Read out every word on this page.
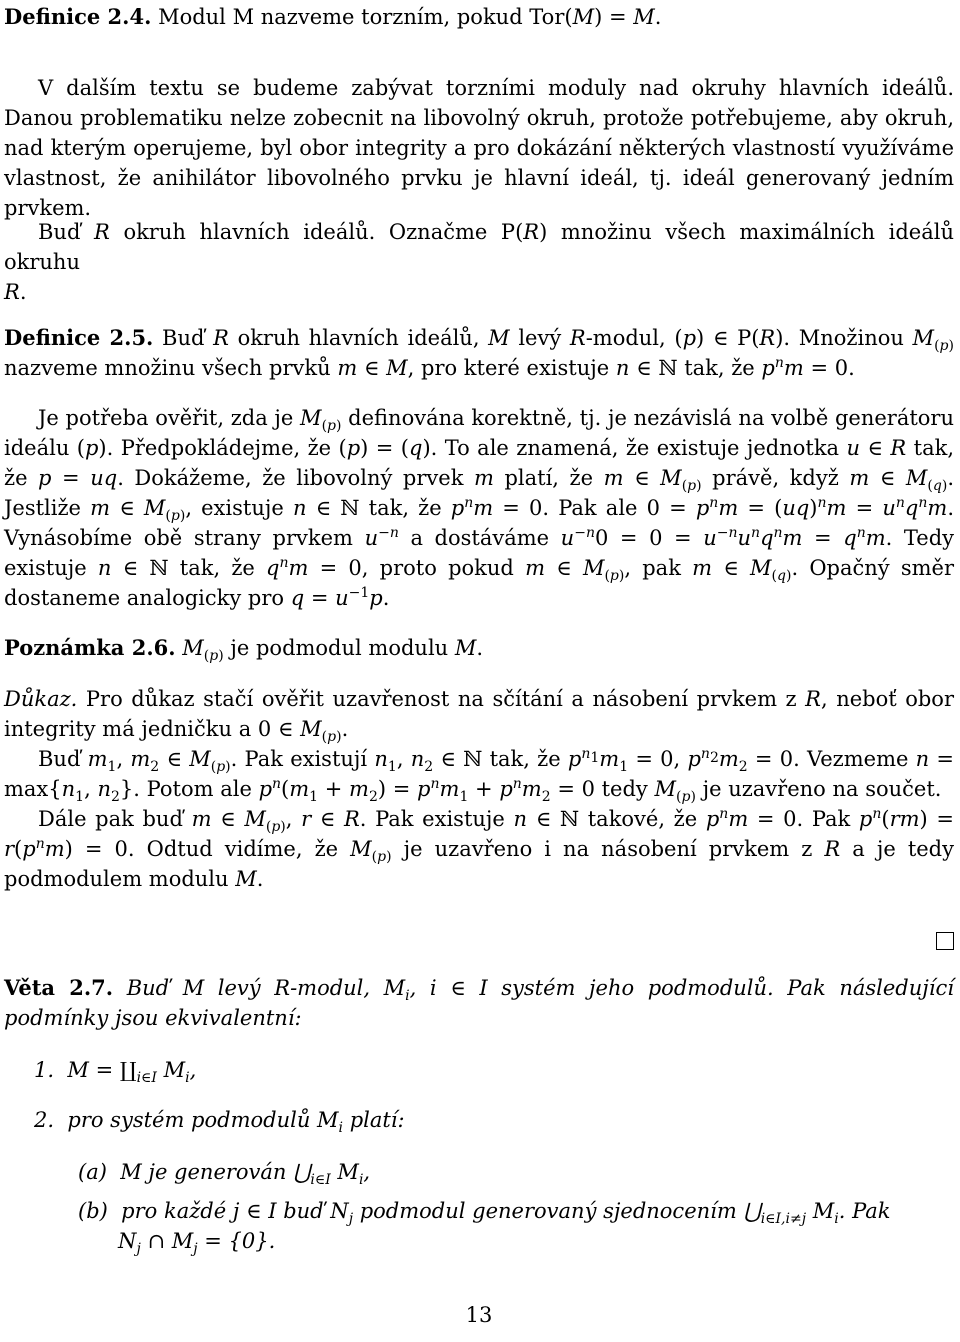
Definice 2.4. Modul M nazveme torzním, pokud Tor(M) = M.

V dalším textu se budeme zabývat torzními moduly nad okruhy hlavních ideálů. Danou problematiku nelze zobecnit na libovolný okruh, protože potřebujeme, aby okruh, nad kterým operujeme, byl obor integrity a pro dokázání některých vlastností využíváme vlastnost, že anihilátor libovolného prvku je hlavní ideál, tj. ideál generovaný jedním prvkem.

Buď R okruh hlavních ideálů. Označme P(R) množinu všech maximálních ideálů okruhu
R.

Definice 2.5. Buď R okruh hlavních ideálů, M levý R-modul, (p) ∈ P(R). Množinou $M_{(p)}$ nazveme množinu všech prvků m ∈ M, pro které existuje n ∈ ℕ tak, že $p^nm = 0$.

Je potřeba ověřit, zda je $M_{(p)}$ definována korektně, tj. je nezávislá na volbě generátoru ideálu (p). Předpokládejme, že (p) = (q). To ale znamená, že existuje jednotka u ∈ R tak, že p = uq. Dokážeme, že libovolný prvek m platí, že m ∈ $M_{(p)}$ právě, když m ∈ $M_{(q)}$. Jestliže m ∈ $M_{(p)}$, existuje n ∈ ℕ tak, že $p^nm = 0$. Pak ale $0 = p^nm = (uq)^nm = u^nq^nm$. Vynásobíme obě strany prvkem $u^{-n}$ a dostáváme $u^{-n}0 = 0 = u^{-n}u^nq^nm = q^nm$. Tedy existuje n ∈ ℕ tak, že $q^nm = 0$, proto pokud m ∈ $M_{(p)}$, pak m ∈ $M_{(q)}$. Opačný směr dostaneme analogicky pro $q = u^{-1}p$.

Poznámka 2.6. $M_{(p)}$ je podmodul modulu M.

Důkaz. Pro důkaz stačí ověřit uzavřenost na sčítání a násobení prvkem z R, neboť obor integrity má jedničku a 0 ∈ $M_{(p)}$.

Buď $m_1$, $m_2$ ∈ $M_{(p)}$. Pak existují $n_1$, $n_2$ ∈ ℕ tak, že $p^{n_1}m_1 = 0$, $p^{n_2}m_2 = 0$. Vezmeme $n = \max\{n_1$, $n_2$}. Potom ale $p^n(m_1 + m_2) = p^nm_1 + p^nm_2 = 0$ tedy $M_{(p)}$ je uzavřeno na součet.

Dále pak buď m ∈ $M_{(p)}$, r ∈ R. Pak existuje n ∈ ℕ takové, že $p^nm = 0$. Pak $p^n(rm) = r(p^nm) = 0$. Odtud vidíme, že $M_{(p)}$ je uzavřeno i na násobení prvkem z R a je tedy podmodulem modulu M.

Věta 2.7. Buď M levý R-modul, $M_i$, i ∈ I systém jeho podmodulů. Pak následující podmínky jsou ekvivalentní:

1.  $M = ∐_{i\in I}$ $M_i$,
2.  pro systém podmodulů $M_i$ platí:
(a)  M je generován $⋃_{i\in I}$ $M_i$,

(b)  pro každé j ∈ I buď $N_j$ podmodul generovaný sjednocením $⋃_{i\in I,i\ne j}$ $M_i$. Pak
$N_j$ ∩ $M_j = \{0\}$.

13
